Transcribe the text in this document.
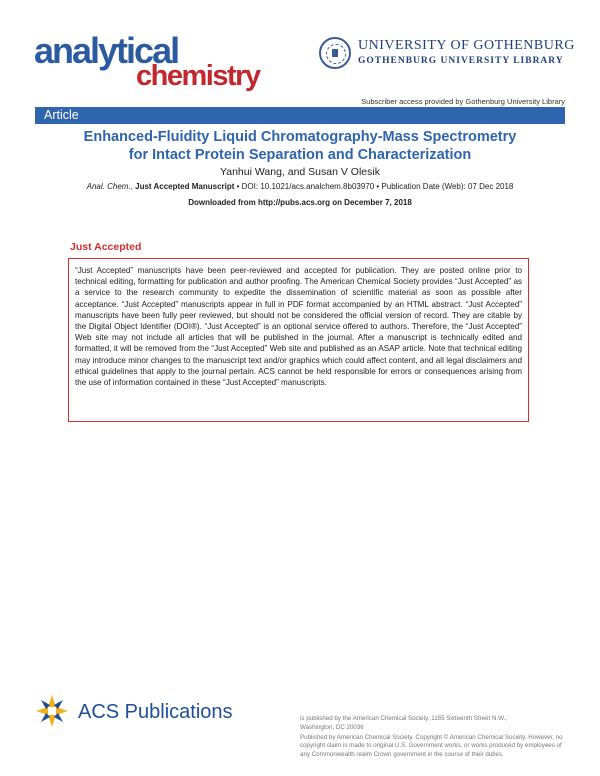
analytical
chemistry
UNIVERSITY OF GOTHENBURG
GOTHENBURG UNIVERSITY LIBRARY
Subscriber access provided by Gothenburg University Library
Article
Enhanced-Fluidity Liquid Chromatography-Mass Spectrometry
for Intact Protein Separation and Characterization
Yanhui Wang, and Susan V Olesik
Anal. Chem., Just Accepted Manuscript • DOI: 10.1021/acs.analchem.8b03970 • Publication Date (Web): 07 Dec 2018
Downloaded from http://pubs.acs.org on December 7, 2018
Just Accepted

“Just Accepted” manuscripts have been peer-reviewed and accepted for publication. They are posted online prior to technical editing, formatting for publication and author proofing. The American Chemical Society provides “Just Accepted” as a service to the research community to expedite the dissemination of scientific material as soon as possible after acceptance. “Just Accepted” manuscripts appear in full in PDF format accompanied by an HTML abstract. “Just Accepted” manuscripts have been fully peer reviewed, but should not be considered the official version of record. They are citable by the Digital Object Identifier (DOI®). “Just Accepted” is an optional service offered to authors. Therefore, the “Just Accepted” Web site may not include all articles that will be published in the journal. After a manuscript is technically edited and formatted, it will be removed from the “Just Accepted” Web site and published as an ASAP article. Note that technical editing may introduce minor changes to the manuscript text and/or graphics which could affect content, and all legal disclaimers and ethical guidelines that apply to the journal pertain. ACS cannot be held responsible for errors or consequences arising from the use of information contained in these “Just Accepted” manuscripts.

ACS Publications	is published by the American Chemical Society. 1155 Sixteenth Street N.W.,
Washington, DC 20036
Published by American Chemical Society. Copyright © American Chemical Society. However, no copyright claim is made to original U.S. Government works, or works produced by employees of any Commonwealth realm Crown government in the course of their duties.
